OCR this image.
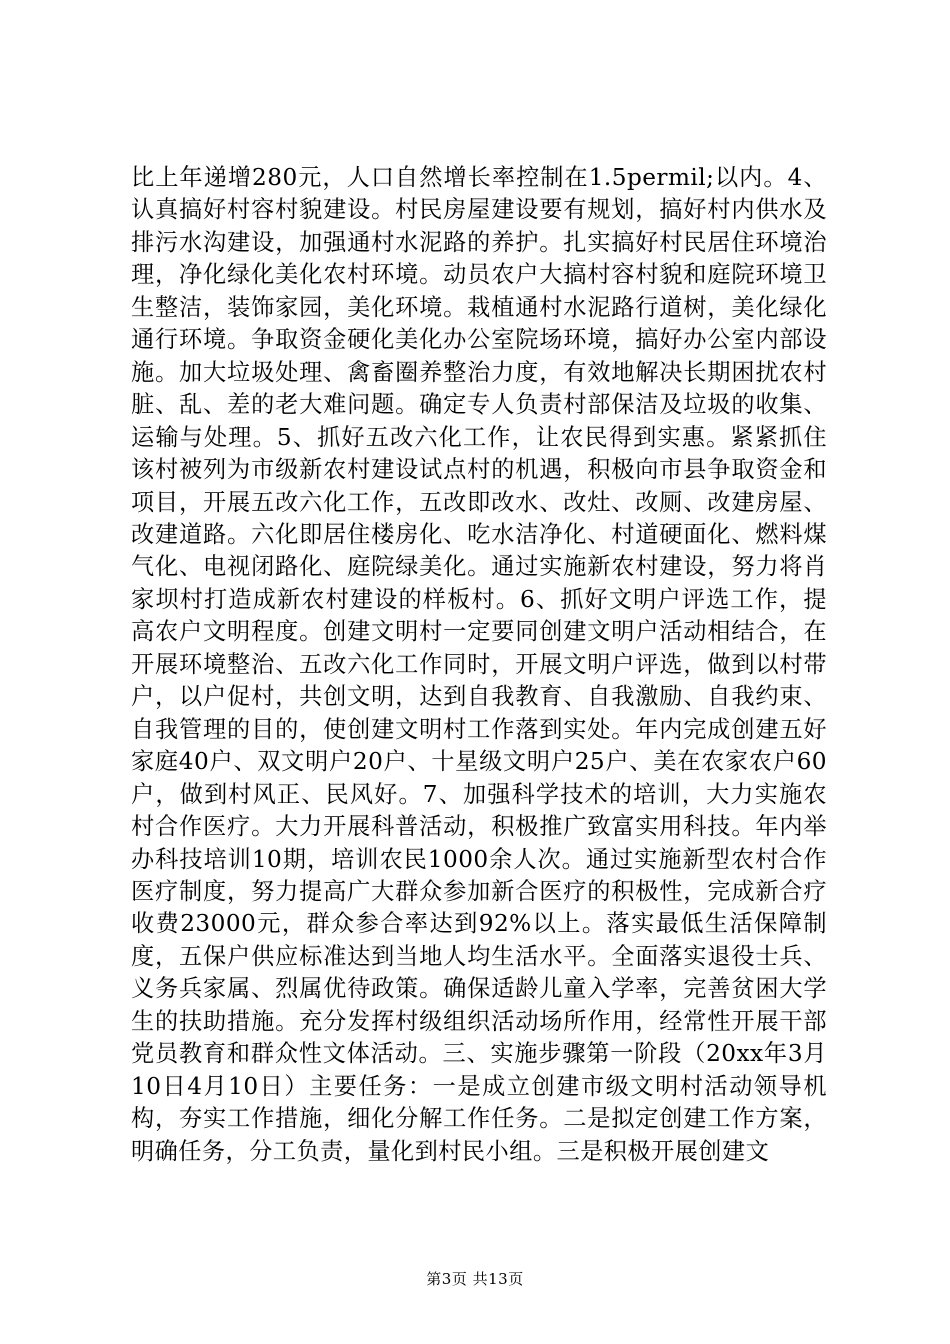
比上年递增280元，人口自然增长率控制在1.5permil;以内。4、认真搞好村容村貌建设。村民房屋建设要有规划，搞好村内供水及排污水沟建设，加强通村水泥路的养护。扎实搞好村民居住环境治理，净化绿化美化农村环境。动员农户大搞村容村貌和庭院环境卫生整洁，装饰家园，美化环境。栽植通村水泥路行道树，美化绿化通行环境。争取资金硬化美化办公室院场环境，搞好办公室内部设施。加大垃圾处理、禽畜圈养整治力度，有效地解决长期困扰农村脏、乱、差的老大难问题。确定专人负责村部保洁及垃圾的收集、运输与处理。5、抓好五改六化工作，让农民得到实惠。紧紧抓住该村被列为市级新农村建设试点村的机遇，积极向市县争取资金和项目，开展五改六化工作，五改即改水、改灶、改厕、改建房屋、改建道路。六化即居住楼房化、吃水洁净化、村道硬面化、燃料煤气化、电视闭路化、庭院绿美化。通过实施新农村建设，努力将肖家坝村打造成新农村建设的样板村。6、抓好文明户评选工作，提高农户文明程度。创建文明村一定要同创建文明户活动相结合，在开展环境整治、五改六化工作同时，开展文明户评选，做到以村带户，以户促村，共创文明，达到自我教育、自我激励、自我约束、自我管理的目的，使创建文明村工作落到实处。年内完成创建五好家庭40户、双文明户20户、十星级文明户25户、美在农家农户60户，做到村风正、民风好。7、加强科学技术的培训，大力实施农村合作医疗。大力开展科普活动，积极推广致富实用科技。年内举办科技培训10期，培训农民1000余人次。通过实施新型农村合作医疗制度，努力提高广大群众参加新合医疗的积极性，完成新合疗收费23000元，群众参合率达到92%以上。落实最低生活保障制度，五保户供应标准达到当地人均生活水平。全面落实退役士兵、义务兵家属、烈属优待政策。确保适龄儿童入学率，完善贫困大学生的扶助措施。充分发挥村级组织活动场所作用，经常性开展干部党员教育和群众性文体活动。三、实施步骤第一阶段（20xx年3月10日4月10日）主要任务：一是成立创建市级文明村活动领导机构，夯实工作措施，细化分解工作任务。二是拟定创建工作方案，明确任务，分工负责，量化到村民小组。三是积极开展创建文

第3页 共13页
